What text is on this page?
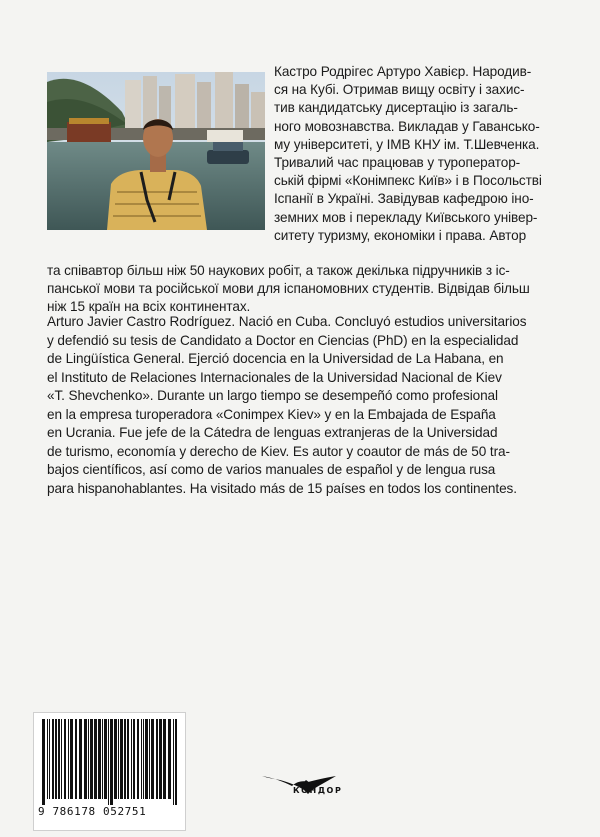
Кастро Родрігес Артуро Хавієр. Народив-
ся на Кубі. Отримав вищу освіту і захис-
тив кандидатську дисертацію із загаль-
ного мовознавства. Викладав у Гавансько-
му університеті, у ІМВ КНУ ім. Т.Шевченка.
Тривалий час працював у туроператор-
ській фірмі «Конімпекс Київ» і в Посольстві
Іспанії в Україні. Завідував кафедрою іно-
земних мов і перекладу Київського універ-
ситету туризму, економіки і права. Автор
та співавтор більш ніж 50 наукових робіт, а також декілька підручників з іс-
панської мови та російської мови для іспаномовних студентів. Відвідав більш
ніж 15 країн на всіх континентах.
Arturo Javier Castro Rodríguez. Nació en Cuba. Concluyó estudios universitarios
y defendió su tesis de Candidato a Doctor en Ciencias (PhD) en la especialidad
de Lingüística General. Ejerció docencia en la Universidad de La Habana, en
el Instituto de Relaciones Internacionales de la Universidad Nacional de Kiev
«T. Shevchenko». Durante un largo tiempo se desempeñó como profesional
en la empresa turoperadora «Conimpex Kiev» y en la Embajada de España
en Ucrania. Fue jefe de la Cátedra de lenguas extranjeras de la Universidad
de turismo, economía y derecho de Kiev. Es autor y coautor de más de 50 tra-
bajos científicos, así como de varios manuales de español y de lengua rusa
para hispanohablantes. Ha visitado más de 15 países en todos los continentes.
9 786178 052751
КОНДОР
